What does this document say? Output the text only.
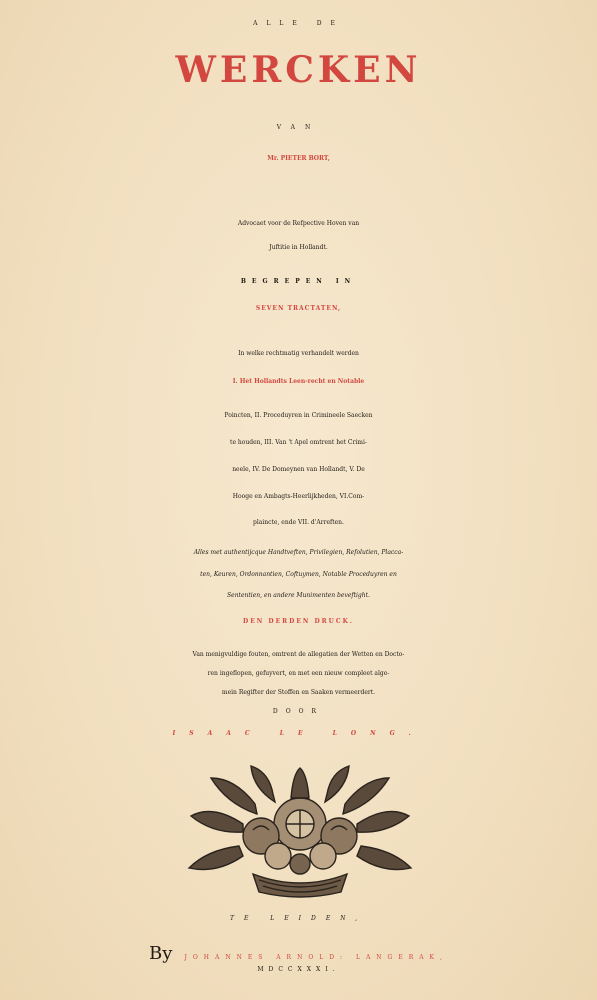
ALLE DE
WERCKEN
VAN
Mr. PIETER BORT,
Advocaet voor de Refpective Hoven van
Juftitie in Hollandt.
BEGREPEN IN
SEVEN TRACTATEN,
In welke rechtmatig verhandelt werden
I. Het Hollandts Leen-recht en Notable
Poincten, II. Proceduyren in Crimineele Saecken
te houden, III. Van 't Apel omtrent het Crimi-
neele, IV. De Domeynen van Hollandt, V. De
Hooge en Ambagts-Heerlijkheden, VI.Com-
plaincte, ende VII. d'Arreften.
Alles met authentijcque Handtveften, Privilegien, Refolutien, Placca-
ten, Keuren, Ordonnantien, Coftuymen, Notable Proceduyren en
Sententien, en andere Munimenten beveftight.
DEN DERDEN DRUCK.
Van menigvuldige fouten, omtrent de allegatien der Wetten en Docto-
ren ingeflopen, gefuyvert, en met een nieuw compleet alge-
mein Regifter der Stoffen en Saaken vermeerdert.
DOOR
ISAAC LE LONG.
TE LEIDEN,
By JOHANNES ARNOLD: LANGERAK,
MDCCXXXI.
